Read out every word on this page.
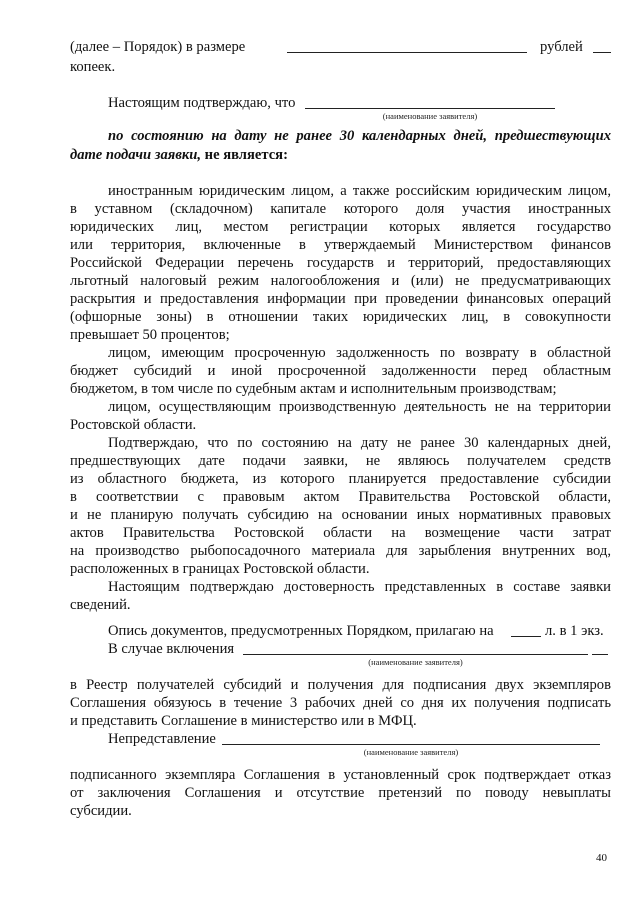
(далее – Порядок) в размере	рублей
копеек.
Настоящим подтверждаю, что
(наименование заявителя)
по состоянию на дату не ранее 30 календарных дней, предшествующих
дате подачи заявки, не является:
иностранным юридическим лицом, а также российским юридическим лицом,
в уставном (складочном) капитале которого доля участия иностранных
юридических лиц, местом регистрации которых является государство
или территория, включенные в утверждаемый Министерством финансов
Российской Федерации перечень государств и территорий, предоставляющих
льготный налоговый режим налогообложения и (или) не предусматривающих
раскрытия и предоставления информации при проведении финансовых операций
(офшорные зоны) в отношении таких юридических лиц, в совокупности
превышает 50 процентов;
лицом, имеющим просроченную задолженность по возврату в областной
бюджет субсидий и иной просроченной задолженности перед областным
бюджетом, в том числе по судебным актам и исполнительным производствам;
лицом, осуществляющим производственную деятельность не на территории
Ростовской области.
Подтверждаю, что по состоянию на дату не ранее 30 календарных дней,
предшествующих дате подачи заявки, не являюсь получателем средств
из областного бюджета, из которого планируется предоставление субсидии
в соответствии с правовым актом Правительства Ростовской области,
и не планирую получать субсидию на основании иных нормативных правовых
актов Правительства Ростовской области на возмещение части затрат
на производство рыбопосадочного материала для зарыбления внутренних вод,
расположенных в границах Ростовской области.
Настоящим подтверждаю достоверность представленных в составе заявки
сведений.
Опись документов, предусмотренных Порядком, прилагаю на	л. в 1 экз.
В случае включения
(наименование заявителя)
в Реестр получателей субсидий и получения для подписания двух экземпляров
Соглашения обязуюсь в течение 3 рабочих дней со дня их получения подписать
и представить Соглашение в министерство или в МФЦ.
Непредставление
(наименование заявителя)
подписанного экземпляра Соглашения в установленный срок подтверждает отказ
от заключения Соглашения и отсутствие претензий по поводу невыплаты
субсидии.
40
